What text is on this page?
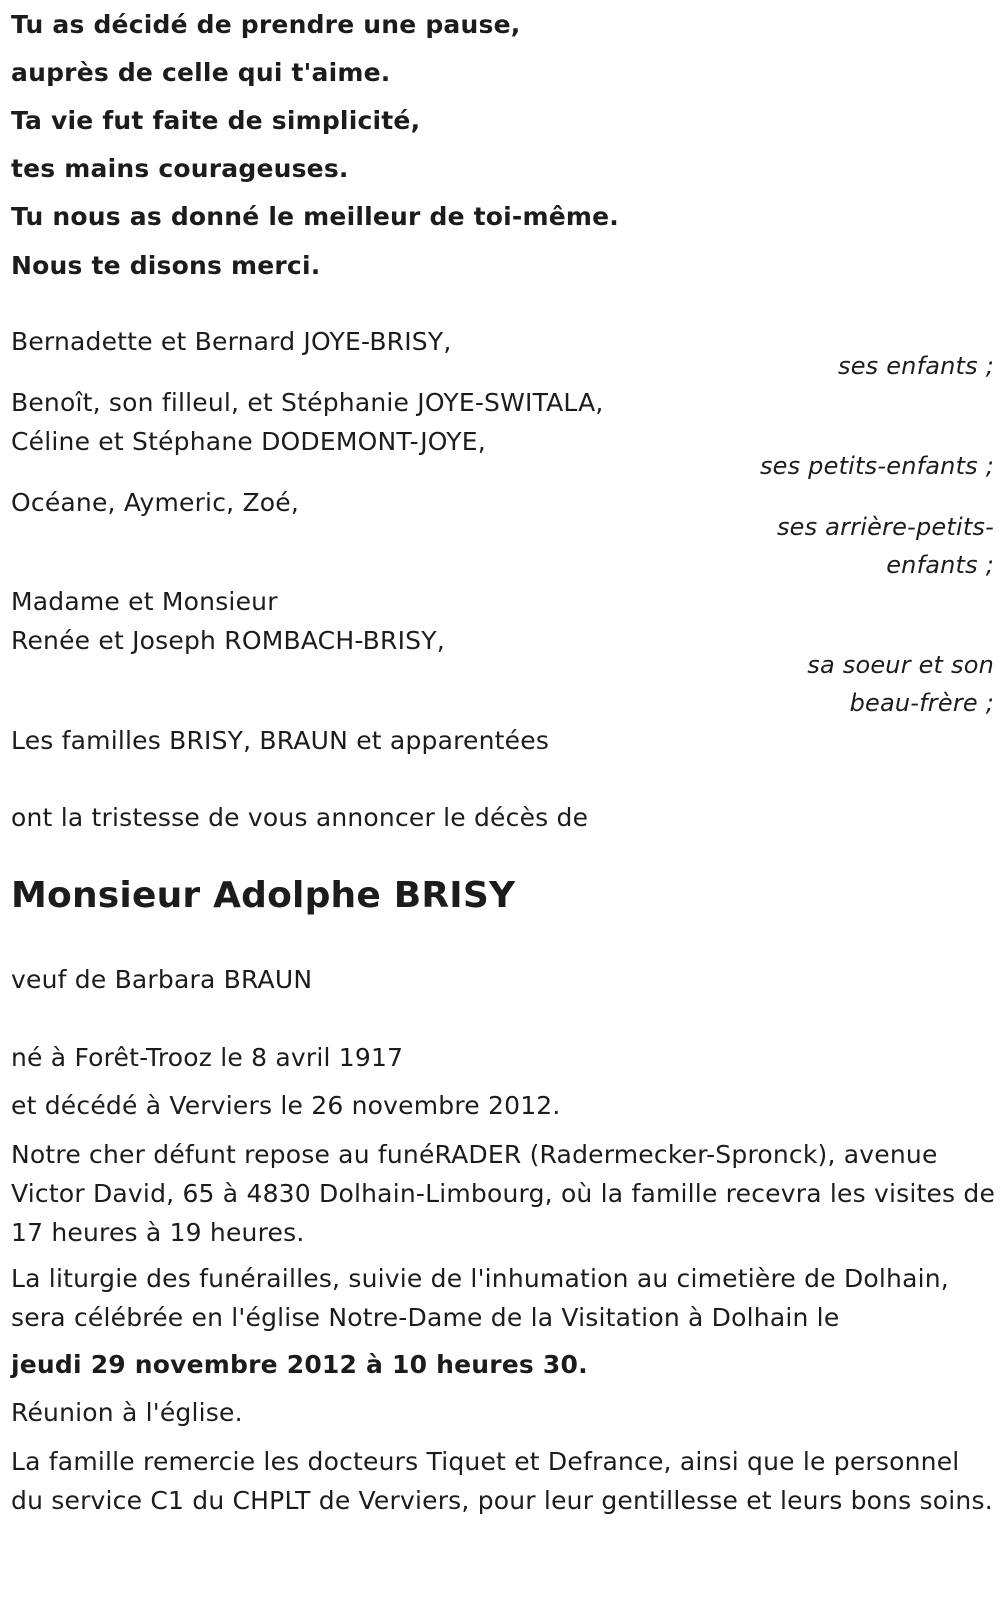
Tu as décidé de prendre une pause,
auprès de celle qui t'aime.
Ta vie fut faite de simplicité,
tes mains courageuses.
Tu nous as donné le meilleur de toi-même.
Nous te disons merci.
Bernadette et Bernard JOYE-BRISY,
ses enfants ;
Benoît, son filleul, et Stéphanie JOYE-SWITALA,
Céline et Stéphane DODEMONT-JOYE,
ses petits-enfants ;
Océane, Aymeric, Zoé,
ses arrière-petits-
enfants ;
Madame et Monsieur
Renée et Joseph ROMBACH-BRISY,
sa soeur et son
beau-frère ;
Les familles BRISY, BRAUN et apparentées
ont la tristesse de vous annoncer le décès de
Monsieur Adolphe BRISY
veuf de Barbara BRAUN
né à Forêt-Trooz le 8 avril 1917
et décédé à Verviers le 26 novembre 2012.
Notre cher défunt repose au funéRADER (Radermecker-Spronck), avenue Victor David, 65 à 4830 Dolhain-Limbourg, où la famille recevra les visites de 17 heures à 19 heures.
La liturgie des funérailles, suivie de l'inhumation au cimetière de Dolhain, sera célébrée en l'église Notre-Dame de la Visitation à Dolhain le
jeudi 29 novembre 2012 à 10 heures 30.
Réunion à l'église.
La famille remercie les docteurs Tiquet et Defrance, ainsi que le personnel du service C1 du CHPLT de Verviers, pour leur gentillesse et leurs bons soins.
